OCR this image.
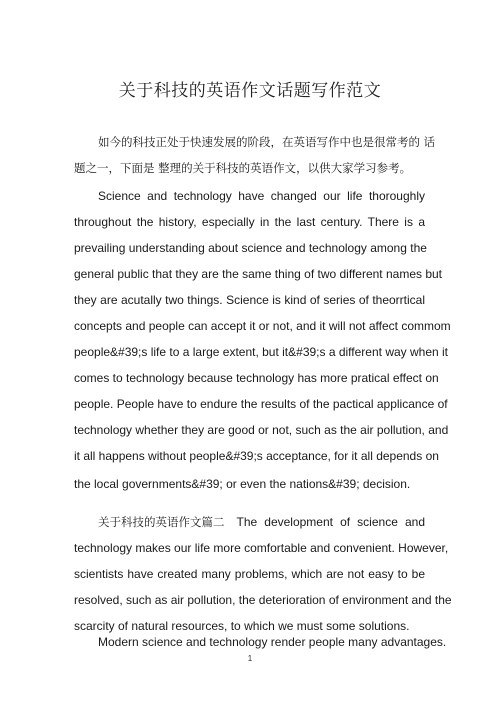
关于科技的英语作文话题写作范文
如今的科技正处于快速发展的阶段，在英语写作中也是很常考的 话
题之一，下面是 整理的关于科技的英语作文，以供大家学习参考。
Science and technology have changed our life thoroughly
throughout the history, especially in the last century. There is a
prevailing understanding about science and technology among the
general public that they are the same thing of two different names but
they are acutally two things. Science is kind of series of theorrtical
concepts and people can accept it or not, and it will not affect commom
people&#39;s life to a large extent, but it&#39;s a different way when it
comes to technology because technology has more pratical effect on
people. People have to endure the results of the pactical applicance of
technology whether they are good or not, such as the air pollution, and
it all happens without people&#39;s acceptance, for it all depends on
the local governments&#39; or even the nations&#39; decision.
关于科技的英语作文篇二 The development of science and
technology makes our life more comfortable and convenient. However,
scientists have created many problems, which are not easy to be
resolved, such as air pollution, the deterioration of environment and the
scarcity of natural resources, to which we must some solutions.
Modern science and technology render people many advantages.
1
